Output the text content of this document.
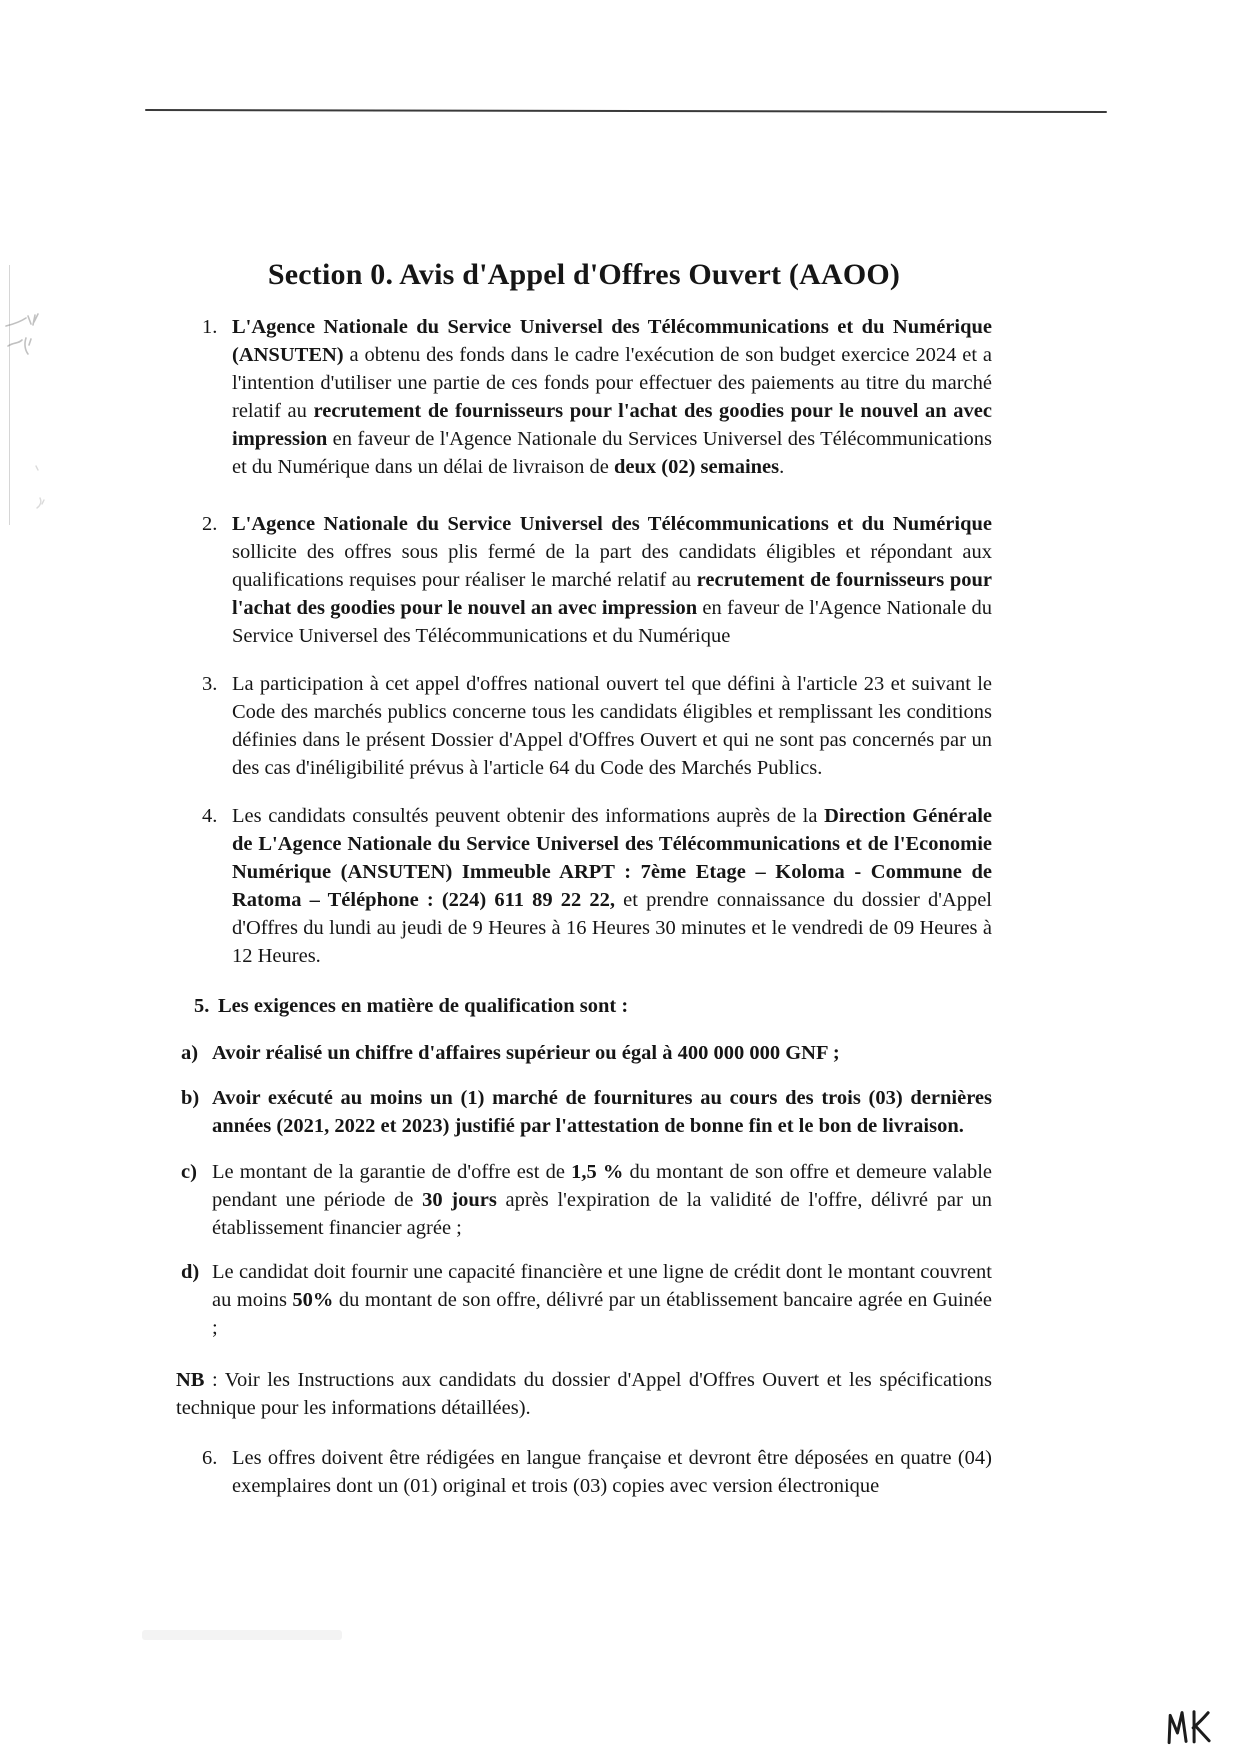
Section 0. Avis d'Appel d'Offres Ouvert (AAOO)
1. L'Agence Nationale du Service Universel des Télécommunications et du Numérique (ANSUTEN) a obtenu des fonds dans le cadre l'exécution de son budget exercice 2024 et a l'intention d'utiliser une partie de ces fonds pour effectuer des paiements au titre du marché relatif au recrutement de fournisseurs pour l'achat des goodies pour le nouvel an avec impression en faveur de l'Agence Nationale du Services Universel des Télécommunications et du Numérique dans un délai de livraison de deux (02) semaines.

2. L'Agence Nationale du Service Universel des Télécommunications et du Numérique sollicite des offres sous plis fermé de la part des candidats éligibles et répondant aux qualifications requises pour réaliser le marché relatif au recrutement de fournisseurs pour l'achat des goodies pour le nouvel an avec impression en faveur de l'Agence Nationale du Service Universel des Télécommunications et du Numérique

3. La participation à cet appel d'offres national ouvert tel que défini à l'article 23 et suivant le Code des marchés publics concerne tous les candidats éligibles et remplissant les conditions définies dans le présent Dossier d'Appel d'Offres Ouvert et qui ne sont pas concernés par un des cas d'inéligibilité prévus à l'article 64 du Code des Marchés Publics.

4. Les candidats consultés peuvent obtenir des informations auprès de la Direction Générale de L'Agence Nationale du Service Universel des Télécommunications et de l'Economie Numérique (ANSUTEN) Immeuble ARPT : 7ème Etage – Koloma - Commune de Ratoma – Téléphone : (224) 611 89 22 22, et prendre connaissance du dossier d'Appel d'Offres du lundi au jeudi de 9 Heures à 16 Heures 30 minutes et le vendredi de 09 Heures à 12 Heures.

5. Les exigences en matière de qualification sont :

a) Avoir réalisé un chiffre d'affaires supérieur ou égal à 400 000 000 GNF ;

b) Avoir exécuté au moins un (1) marché de fournitures au cours des trois (03) dernières années (2021, 2022 et 2023) justifié par l'attestation de bonne fin et le bon de livraison.

c) Le montant de la garantie de d'offre est de 1,5 % du montant de son offre et demeure valable pendant une période de 30 jours après l'expiration de la validité de l'offre, délivré par un établissement financier agrée ;

d) Le candidat doit fournir une capacité financière et une ligne de crédit dont le montant couvrent au moins 50% du montant de son offre, délivré par un établissement bancaire agrée en Guinée ;

NB : Voir les Instructions aux candidats du dossier d'Appel d'Offres Ouvert et les spécifications technique pour les informations détaillées).

6. Les offres doivent être rédigées en langue française et devront être déposées en quatre (04) exemplaires dont un (01) original et trois (03) copies avec version électronique
